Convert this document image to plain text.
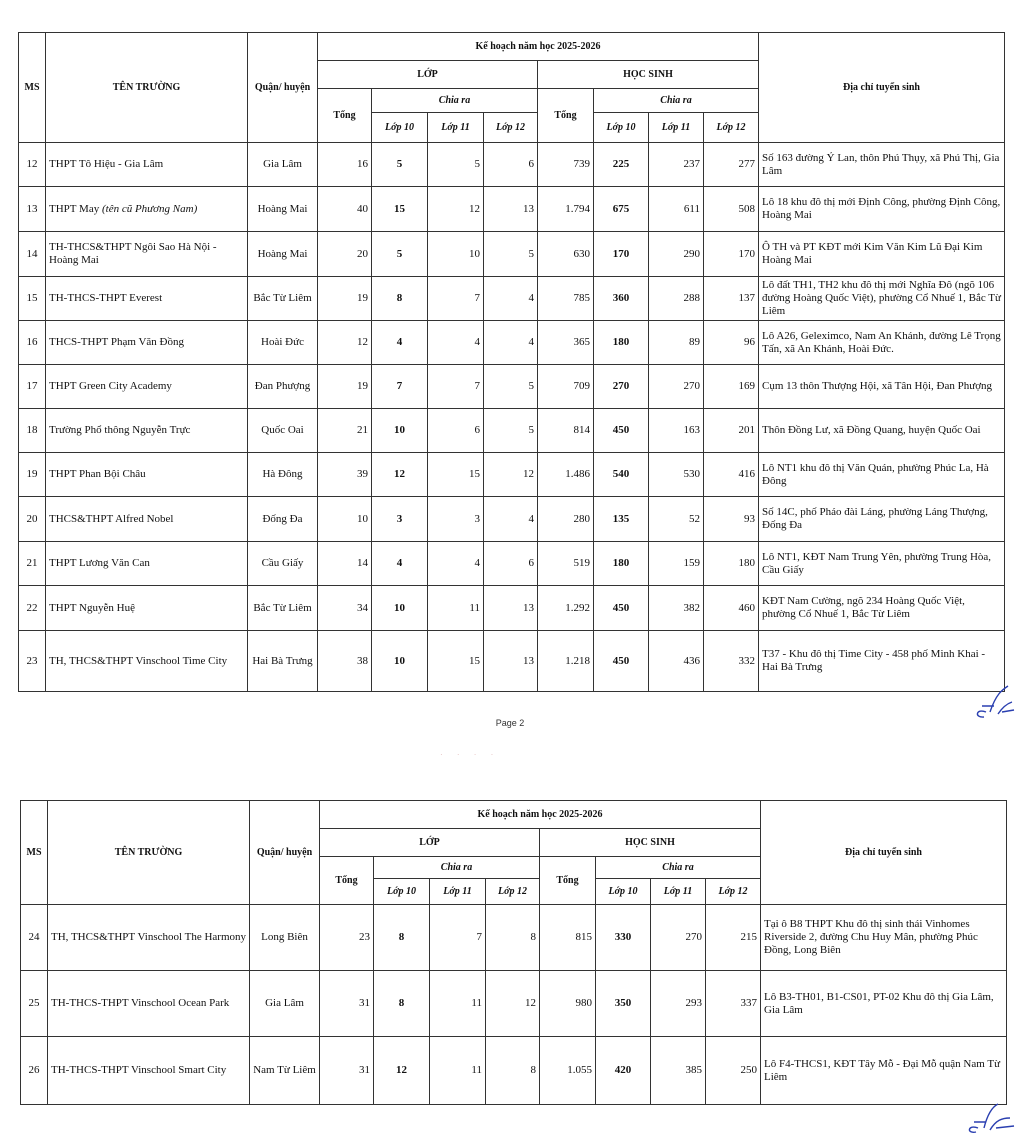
MS	TÊN TRƯỜNG	Quận/ huyện	Kế hoạch năm học 2025-2026								Địa chỉ tuyển sinh
			LỚP				HỌC SINH				
			Tổng	Chia ra			Tổng	Chia ra			
				Lớp 10	Lớp 11	Lớp 12		Lớp 10	Lớp 11	Lớp 12	
12	THPT Tô Hiệu - Gia Lâm	Gia Lâm	16	5	5	6	739	225	237	277	Số 163 đường Ỷ Lan, thôn Phú Thụy, xã Phú Thị, Gia Lâm
13	THPT May (tên cũ Phương Nam)	Hoàng Mai	40	15	12	13	1.794	675	611	508	Lô 18 khu đô thị mới Định Công, phường Định Công, Hoàng Mai
14	TH-THCS&THPT Ngôi Sao Hà Nội - Hoàng Mai	Hoàng Mai	20	5	10	5	630	170	290	170	Ô TH và PT KĐT mới Kim Văn Kim Lũ Đại Kim Hoàng Mai
15	TH-THCS-THPT Everest	Bắc Từ Liêm	19	8	7	4	785	360	288	137	Lô đất TH1, TH2 khu đô thị mới Nghĩa Đô (ngõ 106 đường Hoàng Quốc Việt), phường Cổ Nhuế 1, Bắc Từ Liêm
16	THCS-THPT Phạm Văn Đồng	Hoài Đức	12	4	4	4	365	180	89	96	Lô A26, Geleximco, Nam An Khánh, đường Lê Trọng Tấn, xã An Khánh, Hoài Đức.
17	THPT Green City Academy	Đan Phượng	19	7	7	5	709	270	270	169	Cụm 13 thôn Thượng Hội, xã Tân Hội, Đan Phượng
18	Trường Phổ thông Nguyễn Trực	Quốc Oai	21	10	6	5	814	450	163	201	Thôn Đồng Lư, xã Đồng Quang, huyện Quốc Oai
19	THPT Phan Bội Châu	Hà Đông	39	12	15	12	1.486	540	530	416	Lô NT1 khu đô thị Văn Quán, phường Phúc La, Hà Đông
20	THCS&THPT Alfred Nobel	Đống Đa	10	3	3	4	280	135	52	93	Số 14C, phố Pháo đài Láng, phường Láng Thượng, Đống Đa
21	THPT Lương Văn Can	Cầu Giấy	14	4	4	6	519	180	159	180	Lô NT1, KĐT Nam Trung Yên, phường Trung Hòa, Cầu Giấy
22	THPT Nguyễn Huệ	Bắc Từ Liêm	34	10	11	13	1.292	450	382	460	KĐT Nam Cường, ngõ 234 Hoàng Quốc Việt, phường Cổ Nhuế 1, Bắc Từ Liêm
23	TH, THCS&THPT Vinschool Time City	Hai Bà Trưng	38	10	15	13	1.218	450	436	332	T37 - Khu đô thị Time City - 458 phố Minh Khai - Hai Bà Trưng
Page 2
· · · ·
MS	TÊN TRƯỜNG	Quận/ huyện	Kế hoạch năm học 2025-2026								Địa chỉ tuyển sinh
			LỚP				HỌC SINH				
			Tổng	Chia ra			Tổng	Chia ra			
				Lớp 10	Lớp 11	Lớp 12		Lớp 10	Lớp 11	Lớp 12	
24	TH, THCS&THPT Vinschool The Harmony	Long Biên	23	8	7	8	815	330	270	215	Tại ô B8 THPT Khu đô thị sinh thái Vinhomes Riverside 2, đường Chu Huy Mân, phường Phúc Đồng, Long Biên
25	TH-THCS-THPT Vinschool Ocean Park	Gia Lâm	31	8	11	12	980	350	293	337	Lô B3-TH01, B1-CS01, PT-02 Khu đô thị Gia Lâm, Gia Lâm
26	TH-THCS-THPT Vinschool Smart City	Nam Từ Liêm	31	12	11	8	1.055	420	385	250	Lô F4-THCS1, KĐT Tây Mỗ - Đại Mỗ quận Nam Từ Liêm
